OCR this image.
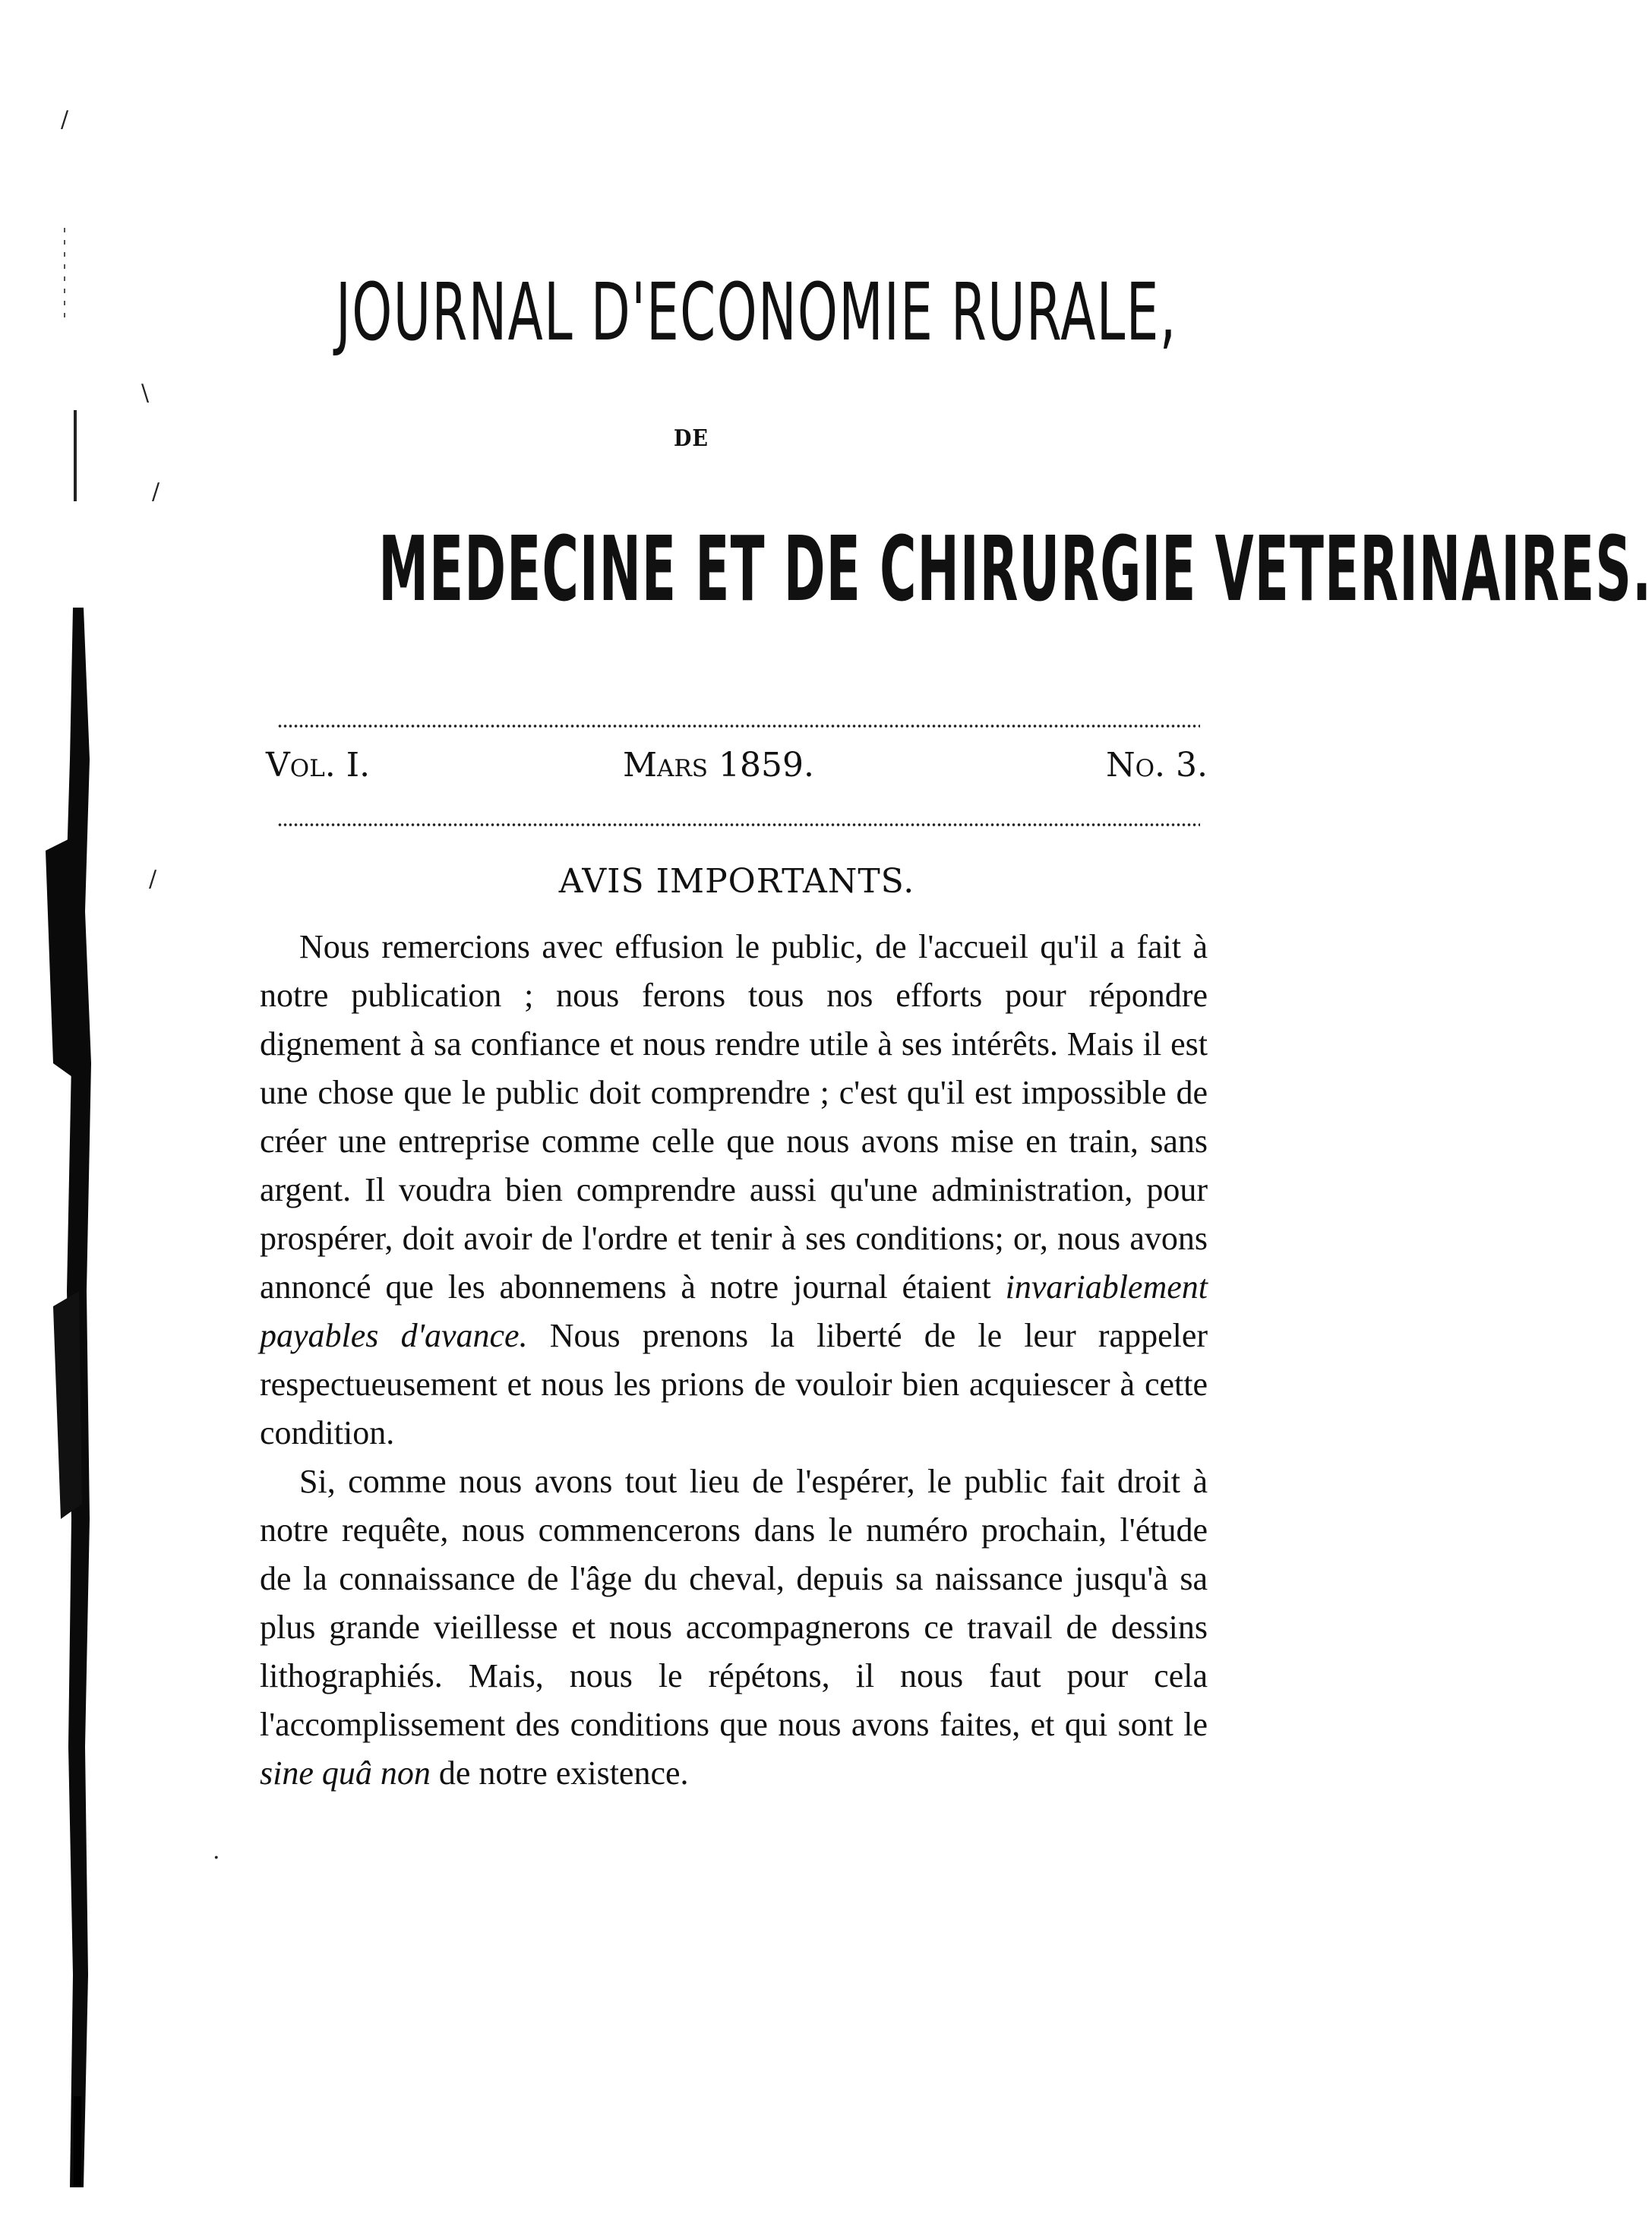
/
\
/
/
.
JOURNAL D'ECONOMIE RURALE,
DE
MEDECINE ET DE CHIRURGIE VETERINAIRES.
Vol. I.	Mars 1859.	No. 3.
AVIS IMPORTANTS.

Nous remercions avec effusion le public, de l'accueil qu'il a fait à notre publication ; nous ferons tous nos efforts pour répondre dignement à sa confiance et nous rendre utile à ses intérêts. Mais il est une chose que le public doit comprendre ; c'est qu'il est impossible de créer une entreprise comme celle que nous avons mise en train, sans argent. Il voudra bien comprendre aussi qu'une administration, pour prospérer, doit avoir de l'ordre et tenir à ses conditions; or, nous avons annoncé que les abonnemens à notre journal étaient invariablement payables d'avance. Nous prenons la liberté de le leur rappeler respectueusement et nous les prions de vouloir bien acquiescer à cette condition.

Si, comme nous avons tout lieu de l'espérer, le public fait droit à notre requête, nous commencerons dans le numéro prochain, l'étude de la connaissance de l'âge du cheval, depuis sa naissance jusqu'à sa plus grande vieillesse et nous accompagnerons ce travail de dessins lithographiés. Mais, nous le répétons, il nous faut pour cela l'accomplissement des conditions que nous avons faites, et qui sont le sine quâ non de notre existence.
